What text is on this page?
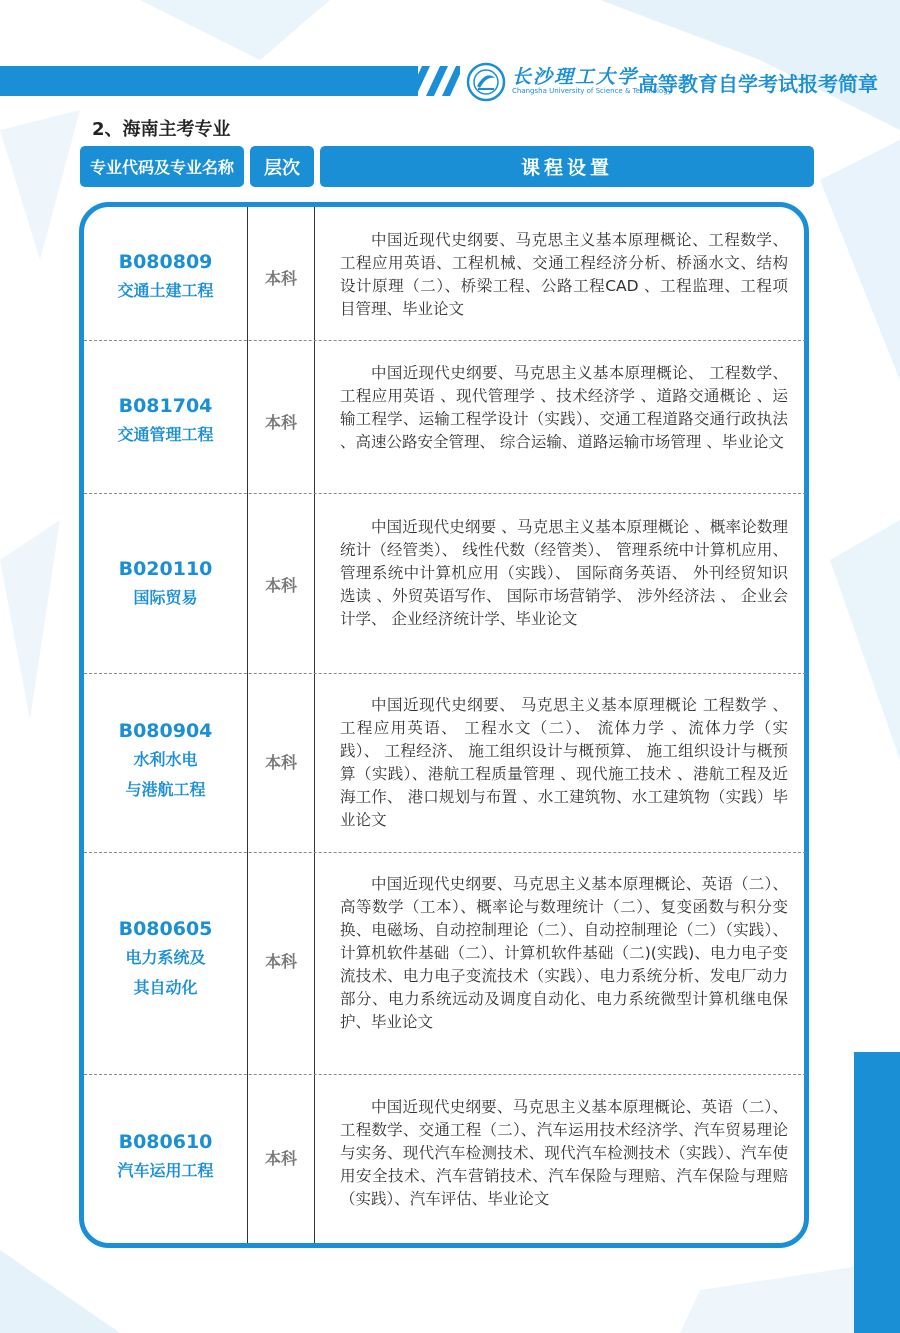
长沙理工大学
Changsha University of Science & Technology
高等教育自学考试报考简章
2、海南主考专业
专业代码及专业名称	层次	课程设置
B080809
交通土建工程
本科
中国近现代史纲要、马克思主义基本原理概论、工程数学、工程应用英语、工程机械、交通工程经济分析、桥涵水文、结构设计原理（二）、桥梁工程、公路工程CAD 、工程监理、工程项目管理、毕业论文
B081704
交通管理工程
本科
中国近现代史纲要、马克思主义基本原理概论、 工程数学、工程应用英语 、现代管理学 、技术经济学 、道路交通概论 、运输工程学、运输工程学设计（实践）、交通工程道路交通行政执法 、高速公路安全管理、 综合运输、道路运输市场管理 、毕业论文
B020110
国际贸易
本科
中国近现代史纲要 、马克思主义基本原理概论 、概率论数理统计（经管类）、 线性代数（经管类）、 管理系统中计算机应用、 管理系统中计算机应用（实践）、 国际商务英语、 外刊经贸知识选读 、外贸英语写作、 国际市场营销学、 涉外经济法 、 企业会计学、 企业经济统计学、毕业论文
B080904
水利水电
与港航工程
本科
中国近现代史纲要、 马克思主义基本原理概论 工程数学 、工程应用英语、 工程水文（二）、 流体力学 、流体力学（实践）、 工程经济、 施工组织设计与概预算、 施工组织设计与概预算（实践）、港航工程质量管理 、现代施工技术 、港航工程及近海工作、 港口规划与布置 、水工建筑物、水工建筑物（实践）毕业论文
B080605
电力系统及
其自动化
本科
中国近现代史纲要、马克思主义基本原理概论、英语（二）、高等数学（工本）、概率论与数理统计（二）、复变函数与积分变换、电磁场、自动控制理论（二）、自动控制理论（二）（实践）、计算机软件基础（二）、计算机软件基础（二)(实践)、电力电子变流技术、电力电子变流技术（实践）、电力系统分析、发电厂动力部分、电力系统远动及调度自动化、电力系统微型计算机继电保护、毕业论文
B080610
汽车运用工程
本科
中国近现代史纲要、马克思主义基本原理概论、英语（二）、工程数学、交通工程（二）、汽车运用技术经济学、汽车贸易理论与实务、现代汽车检测技术、现代汽车检测技术（实践）、汽车使用安全技术、汽车营销技术、汽车保险与理赔、汽车保险与理赔（实践）、汽车评估、毕业论文
